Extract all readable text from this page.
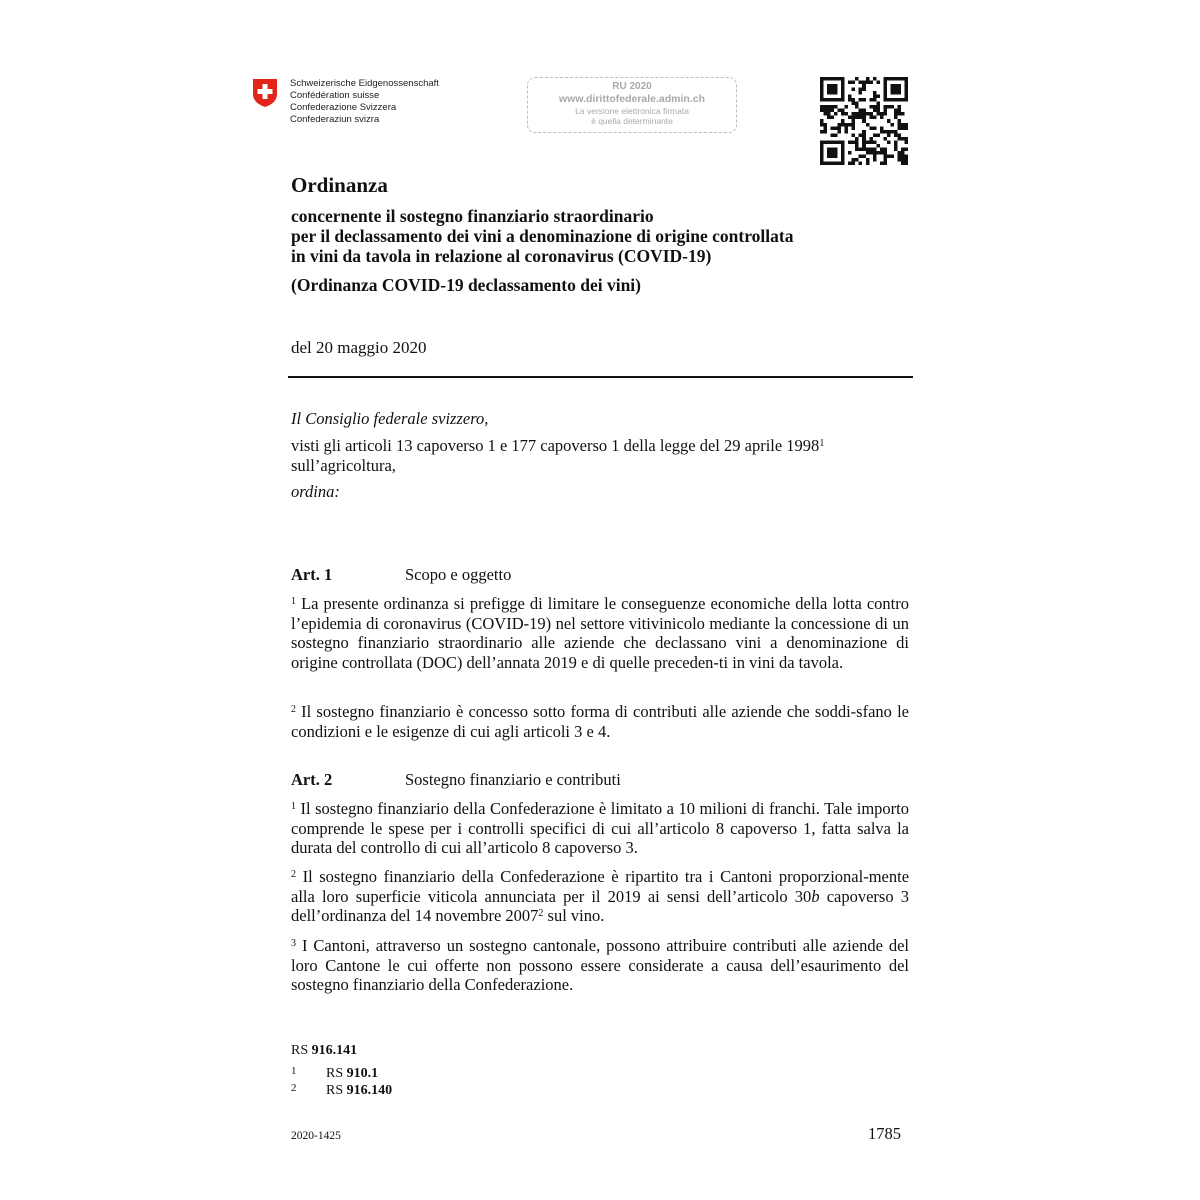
Schweizerische Eidgenossenschaft
Confédération suisse
Confederazione Svizzera
Confederaziun svizra
RU 2020
www.dirittofederale.admin.ch
La versione elettronica firmata
è quella determinante
Ordinanza
concernente il sostegno finanziario straordinario
per il declassamento dei vini a denominazione di origine controllata
in vini da tavola in relazione al coronavirus (COVID-19)
(Ordinanza COVID-19 declassamento dei vini)
del 20 maggio 2020
Il Consiglio federale svizzero,
visti gli articoli 13 capoverso 1 e 177 capoverso 1 della legge del 29 aprile 1998$^1$
sull’agricoltura,
ordina:
Art. 1	Scopo e oggetto
$^1$ La presente ordinanza si prefigge di limitare le conseguenze economiche della lotta contro l’epidemia di coronavirus (COVID-19) nel settore vitivinicolo mediante la concessione di un sostegno finanziario straordinario alle aziende che declassano vini a denominazione di origine controllata (DOC) dell’annata 2019 e di quelle preceden-ti in vini da tavola.
$^2$ Il sostegno finanziario è concesso sotto forma di contributi alle aziende che soddi-sfano le condizioni e le esigenze di cui agli articoli 3 e 4.
Art. 2	Sostegno finanziario e contributi
$^1$ Il sostegno finanziario della Confederazione è limitato a 10 milioni di franchi. Tale importo comprende le spese per i controlli specifici di cui all’articolo 8 capoverso 1, fatta salva la durata del controllo di cui all’articolo 8 capoverso 3.
$^2$ Il sostegno finanziario della Confederazione è ripartito tra i Cantoni proporzional-mente alla loro superficie viticola annunciata per il 2019 ai sensi dell’articolo 30b capoverso 3 dell’ordinanza del 14 novembre 2007$^2$ sul vino.
$^3$ I Cantoni, attraverso un sostegno cantonale, possono attribuire contributi alle aziende del loro Cantone le cui offerte non possono essere considerate a causa dell’esaurimento del sostegno finanziario della Confederazione.
RS 916.141
1 RS 910.1
2 RS 916.140
2020-1425	1785
